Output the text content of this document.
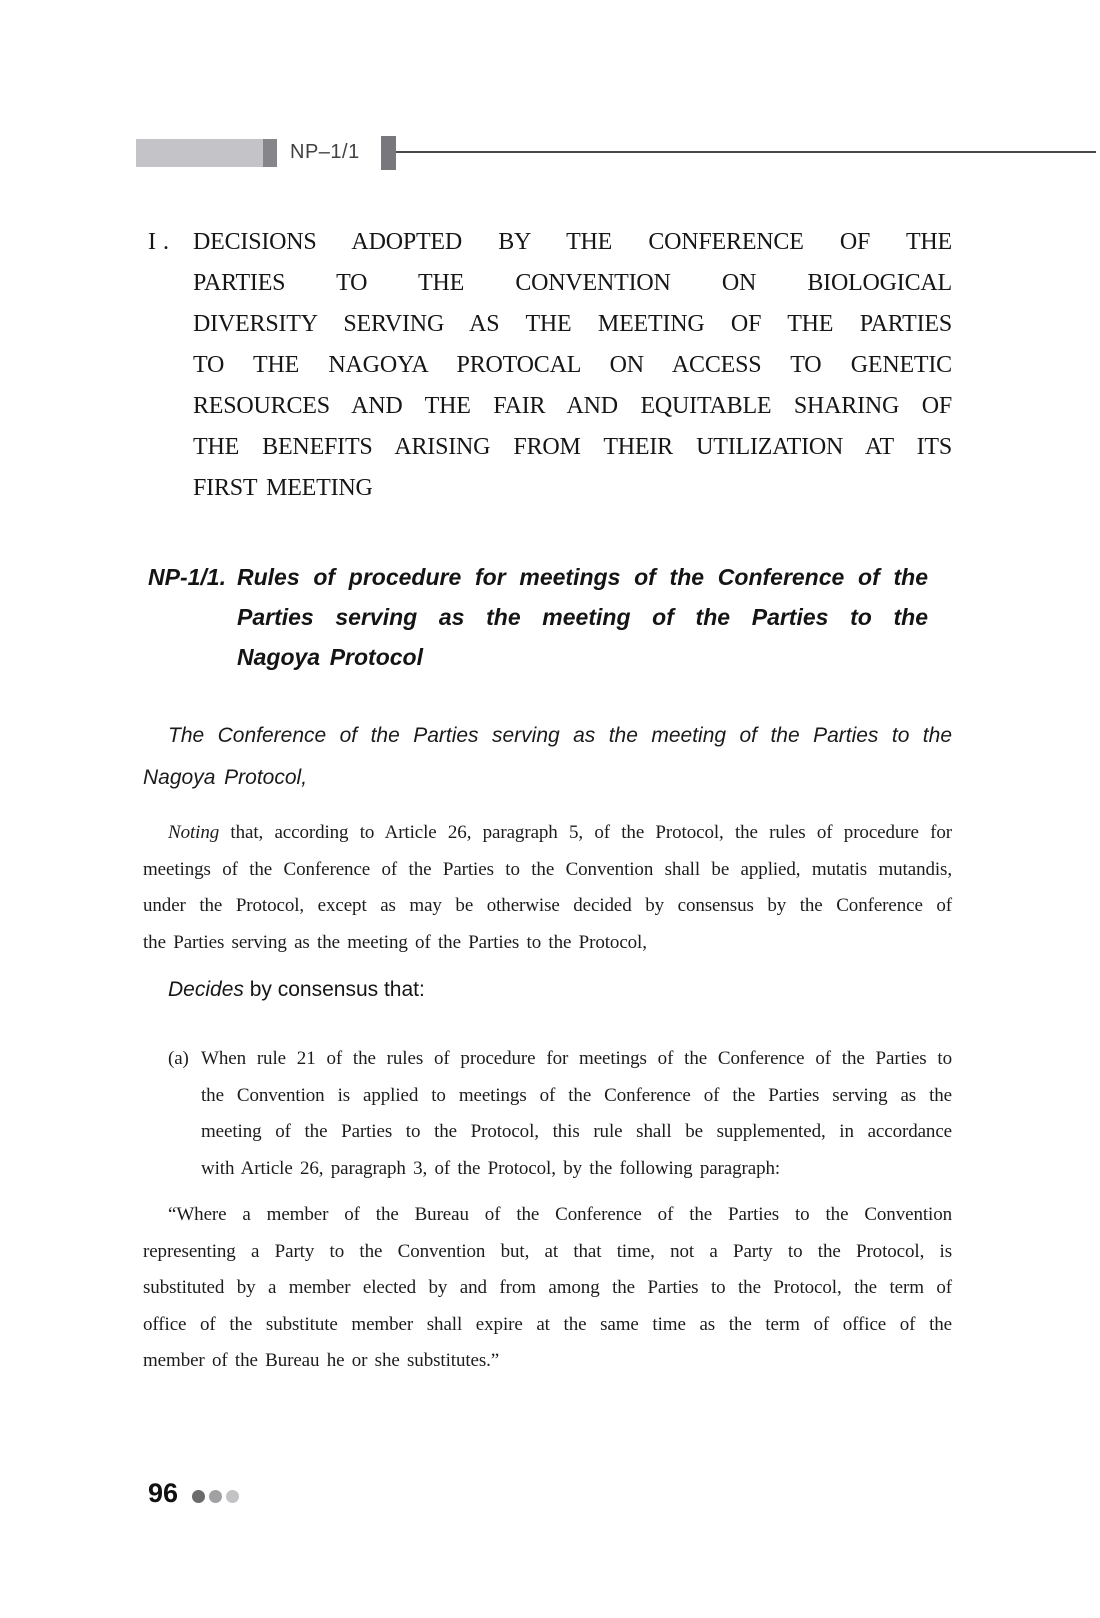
NP–1/1
I. DECISIONS ADOPTED BY THE CONFERENCE OF THE
PARTIES TO THE CONVENTION ON BIOLOGICAL
DIVERSITY SERVING AS THE MEETING OF THE PARTIES
TO THE NAGOYA PROTOCAL ON ACCESS TO GENETIC
RESOURCES AND THE FAIR AND EQUITABLE SHARING OF
THE BENEFITS ARISING FROM THEIR UTILIZATION AT ITS
FIRST MEETING
NP-1/1. Rules of procedure for meetings of the Conference of the
Parties serving as the meeting of the Parties to the
Nagoya Protocol
The Conference of the Parties serving as the meeting of the Parties to the
Nagoya Protocol,
Noting that, according to Article 26, paragraph 5, of the Protocol, the rules of procedure for
meetings of the Conference of the Parties to the Convention shall be applied, mutatis mutandis,
under the Protocol, except as may be otherwise decided by consensus by the Conference of
the Parties serving as the meeting of the Parties to the Protocol,
Decides by consensus that:
(a) When rule 21 of the rules of procedure for meetings of the Conference of the Parties to
the Convention is applied to meetings of the Conference of the Parties serving as the
meeting of the Parties to the Protocol, this rule shall be supplemented, in accordance
with Article 26, paragraph 3, of the Protocol, by the following paragraph:
“Where a member of the Bureau of the Conference of the Parties to the Convention
representing a Party to the Convention but, at that time, not a Party to the Protocol, is
substituted by a member elected by and from among the Parties to the Protocol, the term of
office of the substitute member shall expire at the same time as the term of office of the
member of the Bureau he or she substitutes.”
96
